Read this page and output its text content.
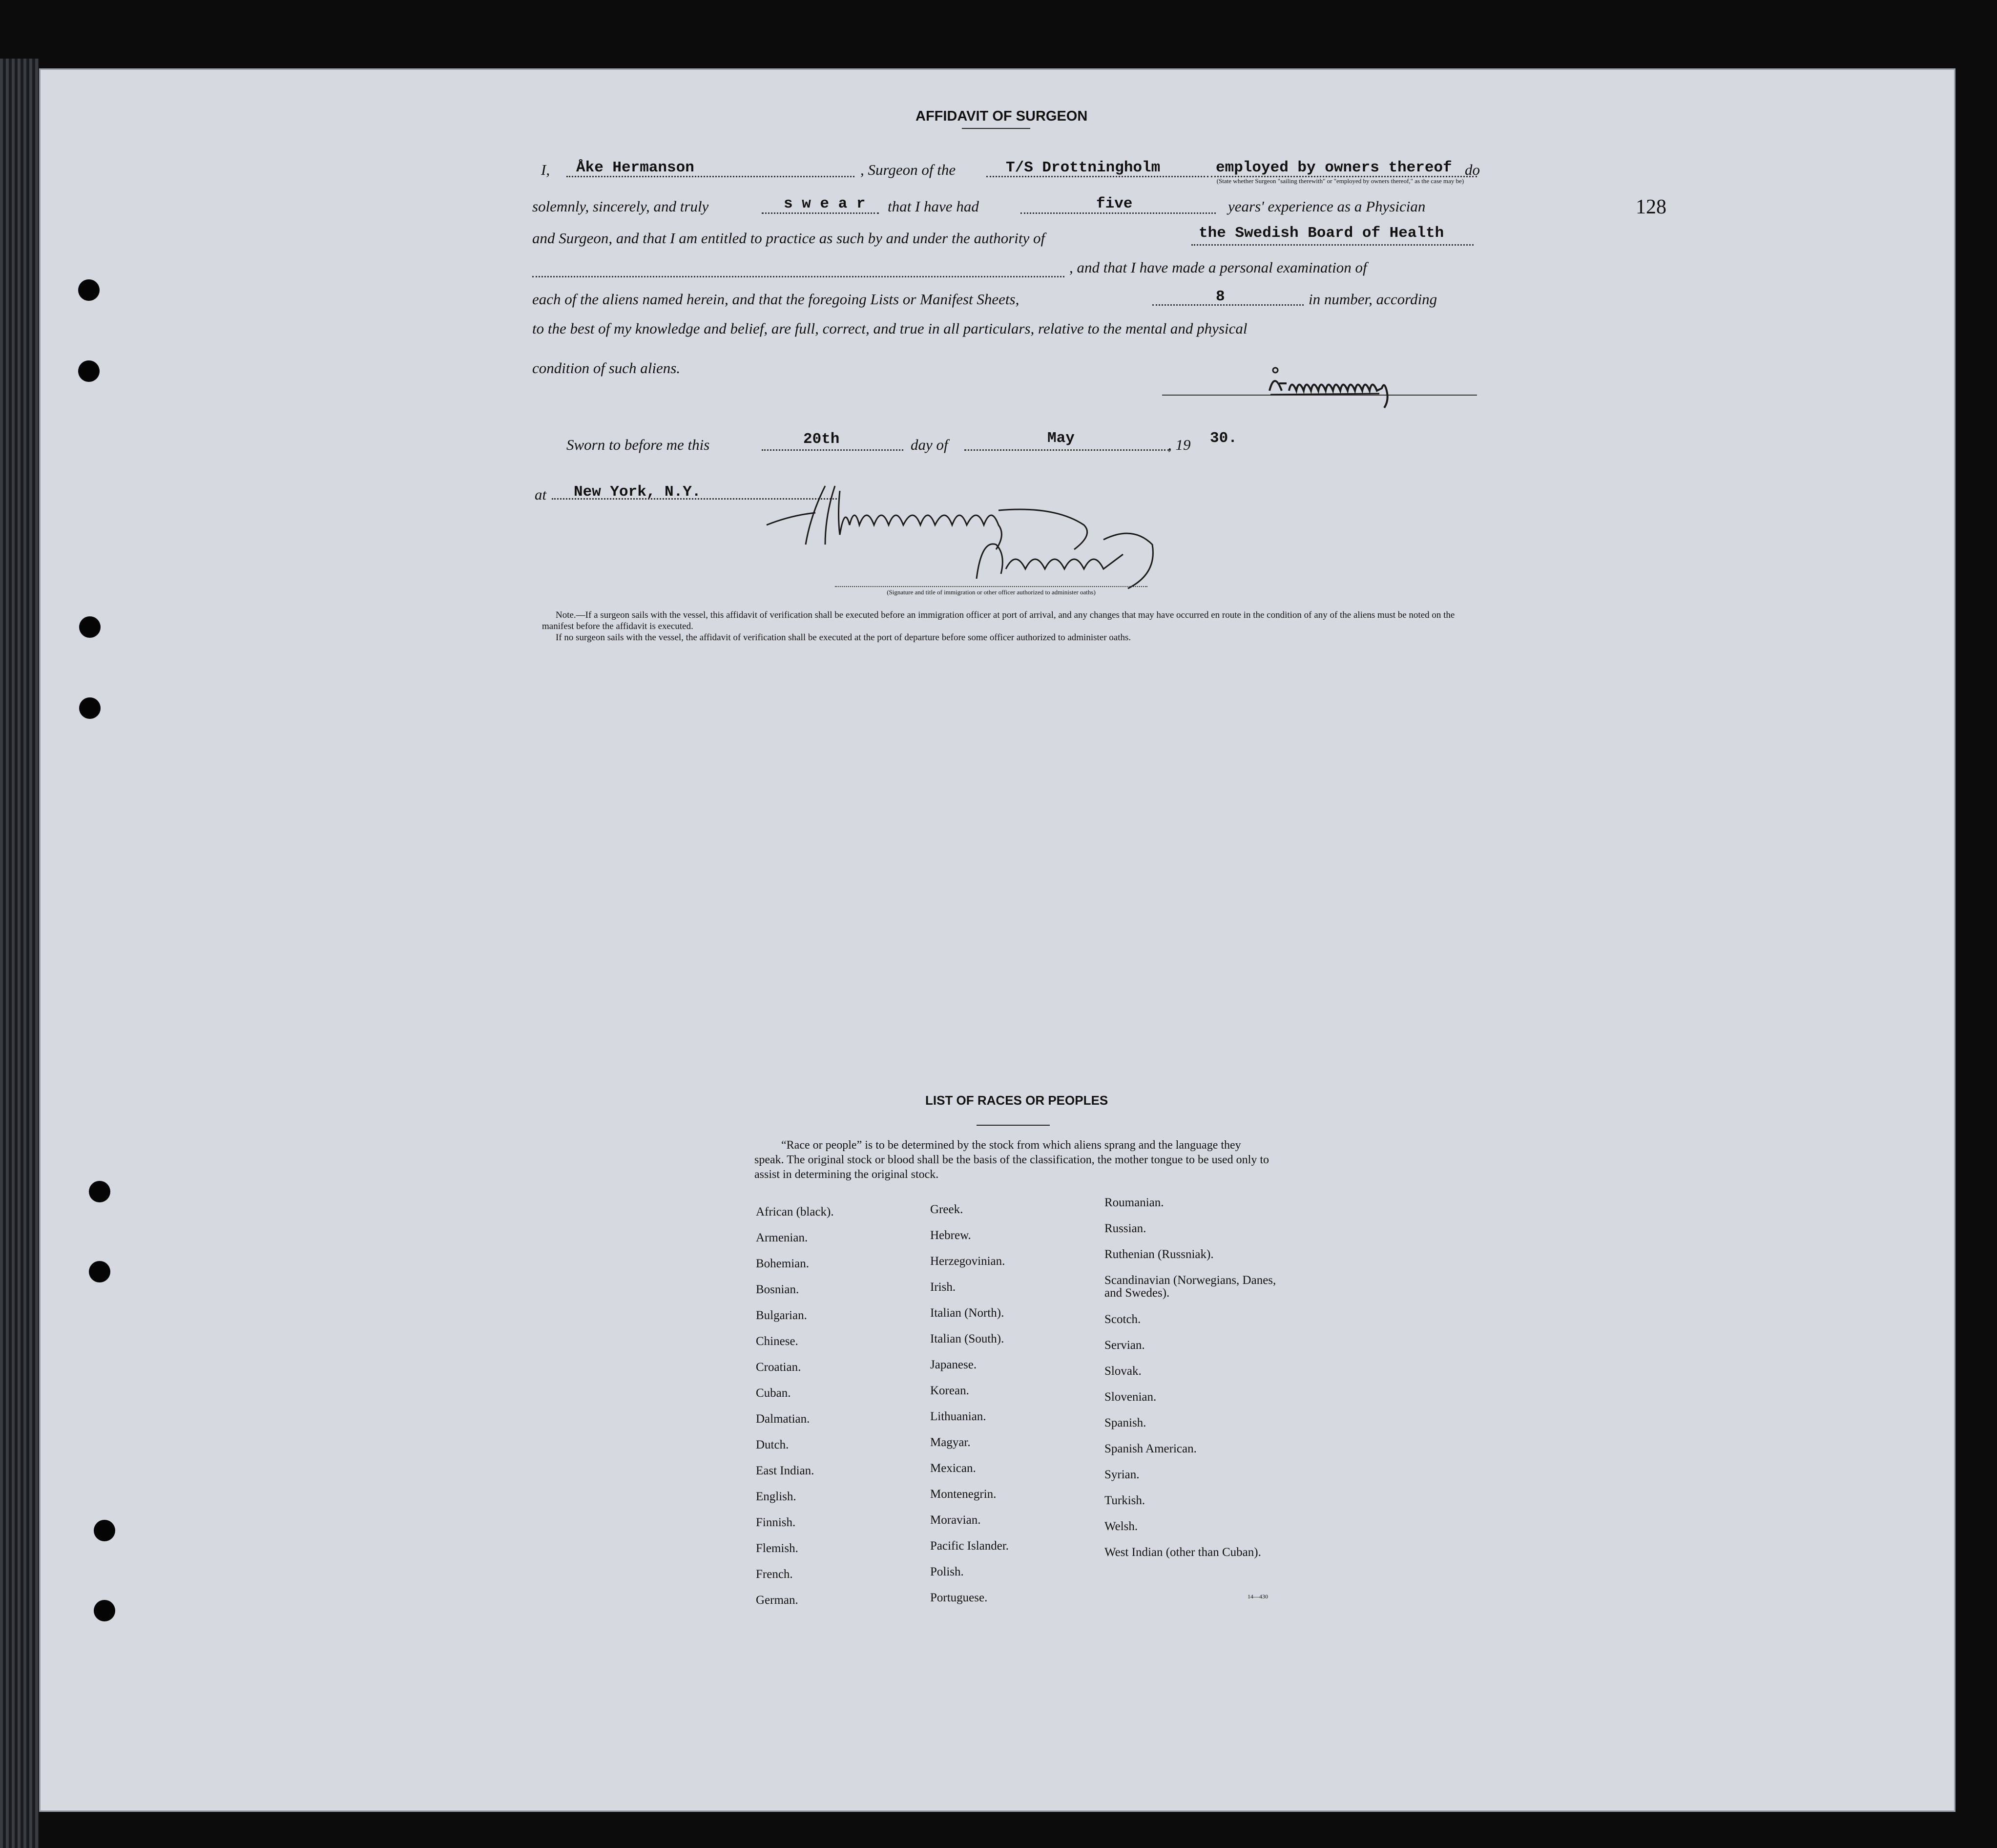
128
AFFIDAVIT OF SURGEON
I, Åke Hermanson	, Surgeon of the	T/S Drottningholm	employed by owners thereof do
(State whether Surgeon "sailing therewith" or "employed by owners thereof," as the case may be)
solemnly, sincerely, and truly	s w e a r that I have had	five	years' experience as a Physician
and Surgeon, and that I am entitled to practice as such by and under the authority of	the Swedish Board of Health
, and that I have made a personal examination of
each of the aliens named herein, and that the foregoing Lists or Manifest Sheets,	8	in number, according
to the best of my knowledge and belief, are full, correct, and true in all particulars, relative to the mental and physical
condition of such aliens.
Sworn to before me this	20th	day of	May	, 19 30.
at New York, N.Y.
(Signature and title of immigration or other officer authorized to administer oaths)
Note.—If a surgeon sails with the vessel, this affidavit of verification shall be executed before an immigration officer at port of arrival, and any changes that may have occurred en route in the condition of any of the aliens must be noted on the manifest before the affidavit is executed.
If no surgeon sails with the vessel, the affidavit of verification shall be executed at the port of departure before some officer authorized to administer oaths.
LIST OF RACES OR PEOPLES
“Race or people” is to be determined by the stock from which aliens sprang and the language they speak. The original stock or blood shall be the basis of the classification, the mother tongue to be used only to assist in determining the original stock.
African (black).
Armenian.
Bohemian.
Bosnian.
Bulgarian.
Chinese.
Croatian.
Cuban.
Dalmatian.
Dutch.
East Indian.
English.
Finnish.
Flemish.
French.
German.
Greek.
Hebrew.
Herzegovinian.
Irish.
Italian (North).
Italian (South).
Japanese.
Korean.
Lithuanian.
Magyar.
Mexican.
Montenegrin.
Moravian.
Pacific Islander.
Polish.
Portuguese.
Roumanian.
Russian.
Ruthenian (Russniak).
Scandinavian (Norwegians, Danes, and Swedes).
Scotch.
Servian.
Slovak.
Slovenian.
Spanish.
Spanish American.
Syrian.
Turkish.
Welsh.
West Indian (other than Cuban).
14—430
